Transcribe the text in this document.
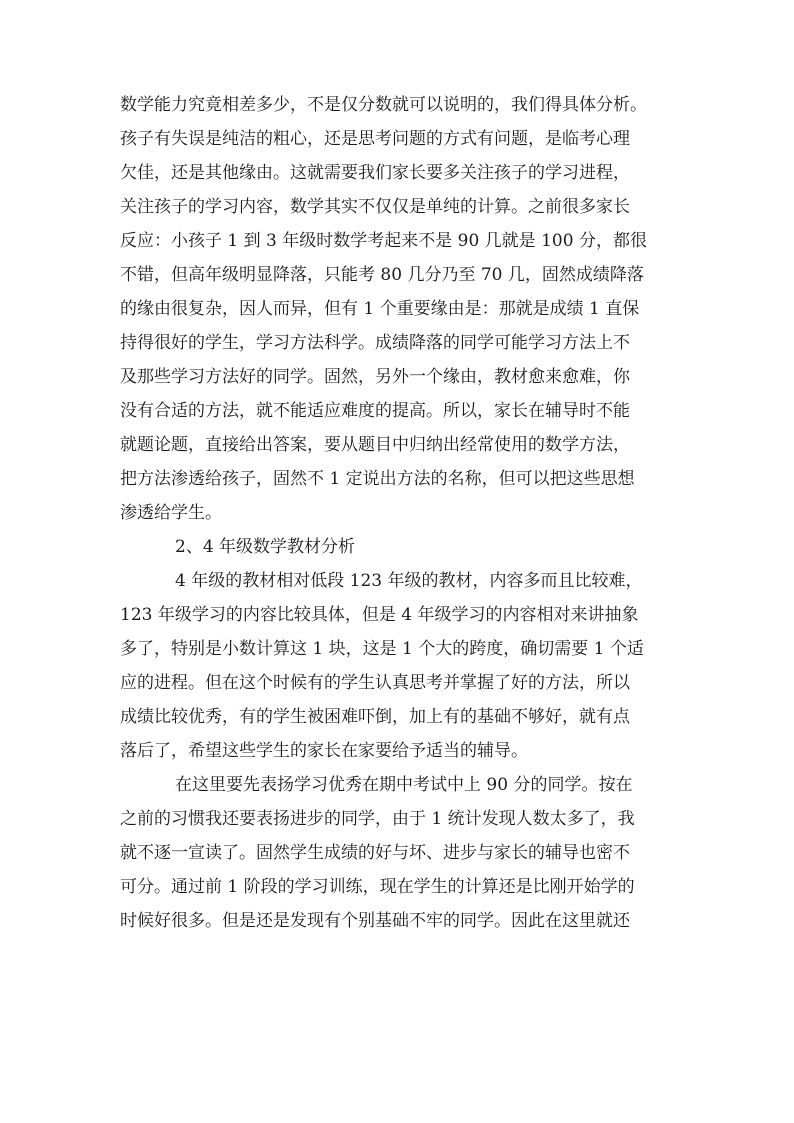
数学能力究竟相差多少，不是仅分数就可以说明的，我们得具体分析。
孩子有失误是纯洁的粗心，还是思考问题的方式有问题，是临考心理
欠佳，还是其他缘由。这就需要我们家长要多关注孩子的学习进程，
关注孩子的学习内容，数学其实不仅仅是单纯的计算。之前很多家长
反应：小孩子 1 到 3 年级时数学考起来不是 90 几就是 100 分，都很
不错，但高年级明显降落，只能考 80 几分乃至 70 几，固然成绩降落
的缘由很复杂，因人而异，但有 1 个重要缘由是：那就是成绩 1 直保
持得很好的学生，学习方法科学。成绩降落的同学可能学习方法上不
及那些学习方法好的同学。固然，另外一个缘由，教材愈来愈难，你
没有合适的方法，就不能适应难度的提高。所以，家长在辅导时不能
就题论题，直接给出答案，要从题目中归纳出经常使用的数学方法，
把方法渗透给孩子，固然不 1 定说出方法的名称，但可以把这些思想
渗透给学生。
2、4 年级数学教材分析
4 年级的教材相对低段 123 年级的教材，内容多而且比较难，
123 年级学习的内容比较具体，但是 4 年级学习的内容相对来讲抽象
多了，特别是小数计算这 1 块，这是 1 个大的跨度，确切需要 1 个适
应的进程。但在这个时候有的学生认真思考并掌握了好的方法，所以
成绩比较优秀，有的学生被困难吓倒，加上有的基础不够好，就有点
落后了，希望这些学生的家长在家要给予适当的辅导。
在这里要先表扬学习优秀在期中考试中上 90 分的同学。按在
之前的习惯我还要表扬进步的同学，由于 1 统计发现人数太多了，我
就不逐一宣读了。固然学生成绩的好与坏、进步与家长的辅导也密不
可分。通过前 1 阶段的学习训练，现在学生的计算还是比刚开始学的
时候好很多。但是还是发现有个别基础不牢的同学。因此在这里就还
